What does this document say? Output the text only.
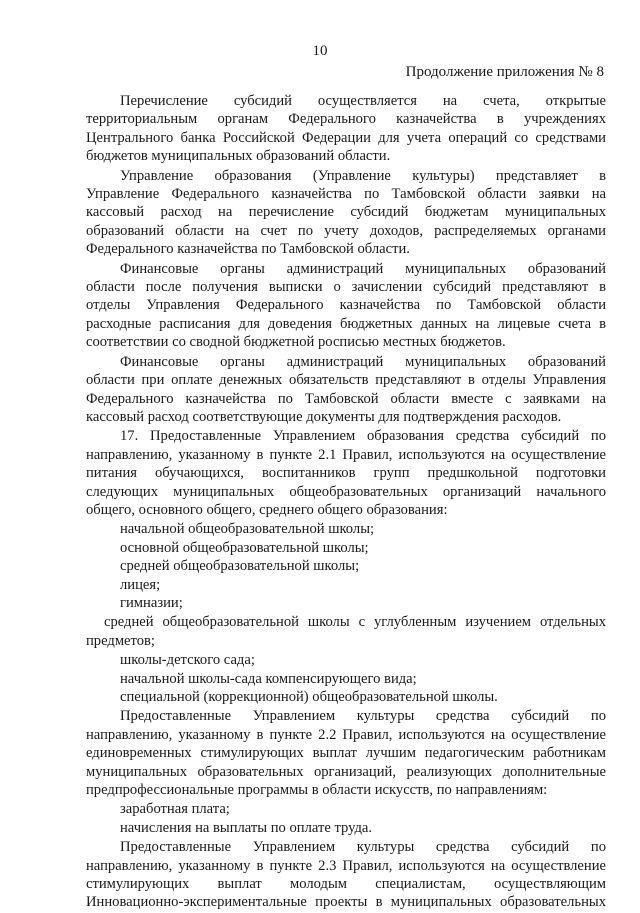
10
Продолжение приложения № 8
Перечисление субсидий осуществляется на счета, открытые
территориальным органам Федерального казначейства в учреждениях
Центрального банка Российской Федерации для учета операций со средствами
бюджетов муниципальных образований области.
Управление образования (Управление культуры) представляет в
Управление Федерального казначейства по Тамбовской области заявки на
кассовый расход на перечисление субсидий бюджетам муниципальных
образований области на счет по учету доходов, распределяемых органами
Федерального казначейства по Тамбовской области.
Финансовые органы администраций муниципальных образований
области после получения выписки о зачислении субсидий представляют в
отделы Управления Федерального казначейства по Тамбовской области
расходные расписания для доведения бюджетных данных на лицевые счета в
соответствии со сводной бюджетной росписью местных бюджетов.
Финансовые органы администраций муниципальных образований
области при оплате денежных обязательств представляют в отделы Управления
Федерального казначейства по Тамбовской области вместе с заявками на
кассовый расход соответствующие документы для подтверждения расходов.
17. Предоставленные Управлением образования средства субсидий по
направлению, указанному в пункте 2.1 Правил, используются на осуществление
питания обучающихся, воспитанников групп предшкольной подготовки
следующих муниципальных общеобразовательных организаций начального
общего, основного общего, среднего общего образования:
начальной общеобразовательной школы;
основной общеобразовательной школы;
средней общеобразовательной школы;
лицея;
гимназии;
средней общеобразовательной школы с углубленным изучением отдельных
предметов;
школы-детского сада;
начальной школы-сада компенсирующего вида;
специальной (коррекционной) общеобразовательной школы.
Предоставленные Управлением культуры средства субсидий по
направлению, указанному в пункте 2.2 Правил, используются на осуществление
единовременных стимулирующих выплат лучшим педагогическим работникам
муниципальных образовательных организаций, реализующих дополнительные
предпрофессиональные программы в области искусств, по направлениям:
заработная плата;
начисления на выплаты по оплате труда.
Предоставленные Управлением культуры средства субсидий по
направлению, указанному в пункте 2.3 Правил, используются на осуществление
стимулирующих выплат молодым специалистам, осуществляющим
Инновационно-экспериментальные проекты в муниципальных образовательных
